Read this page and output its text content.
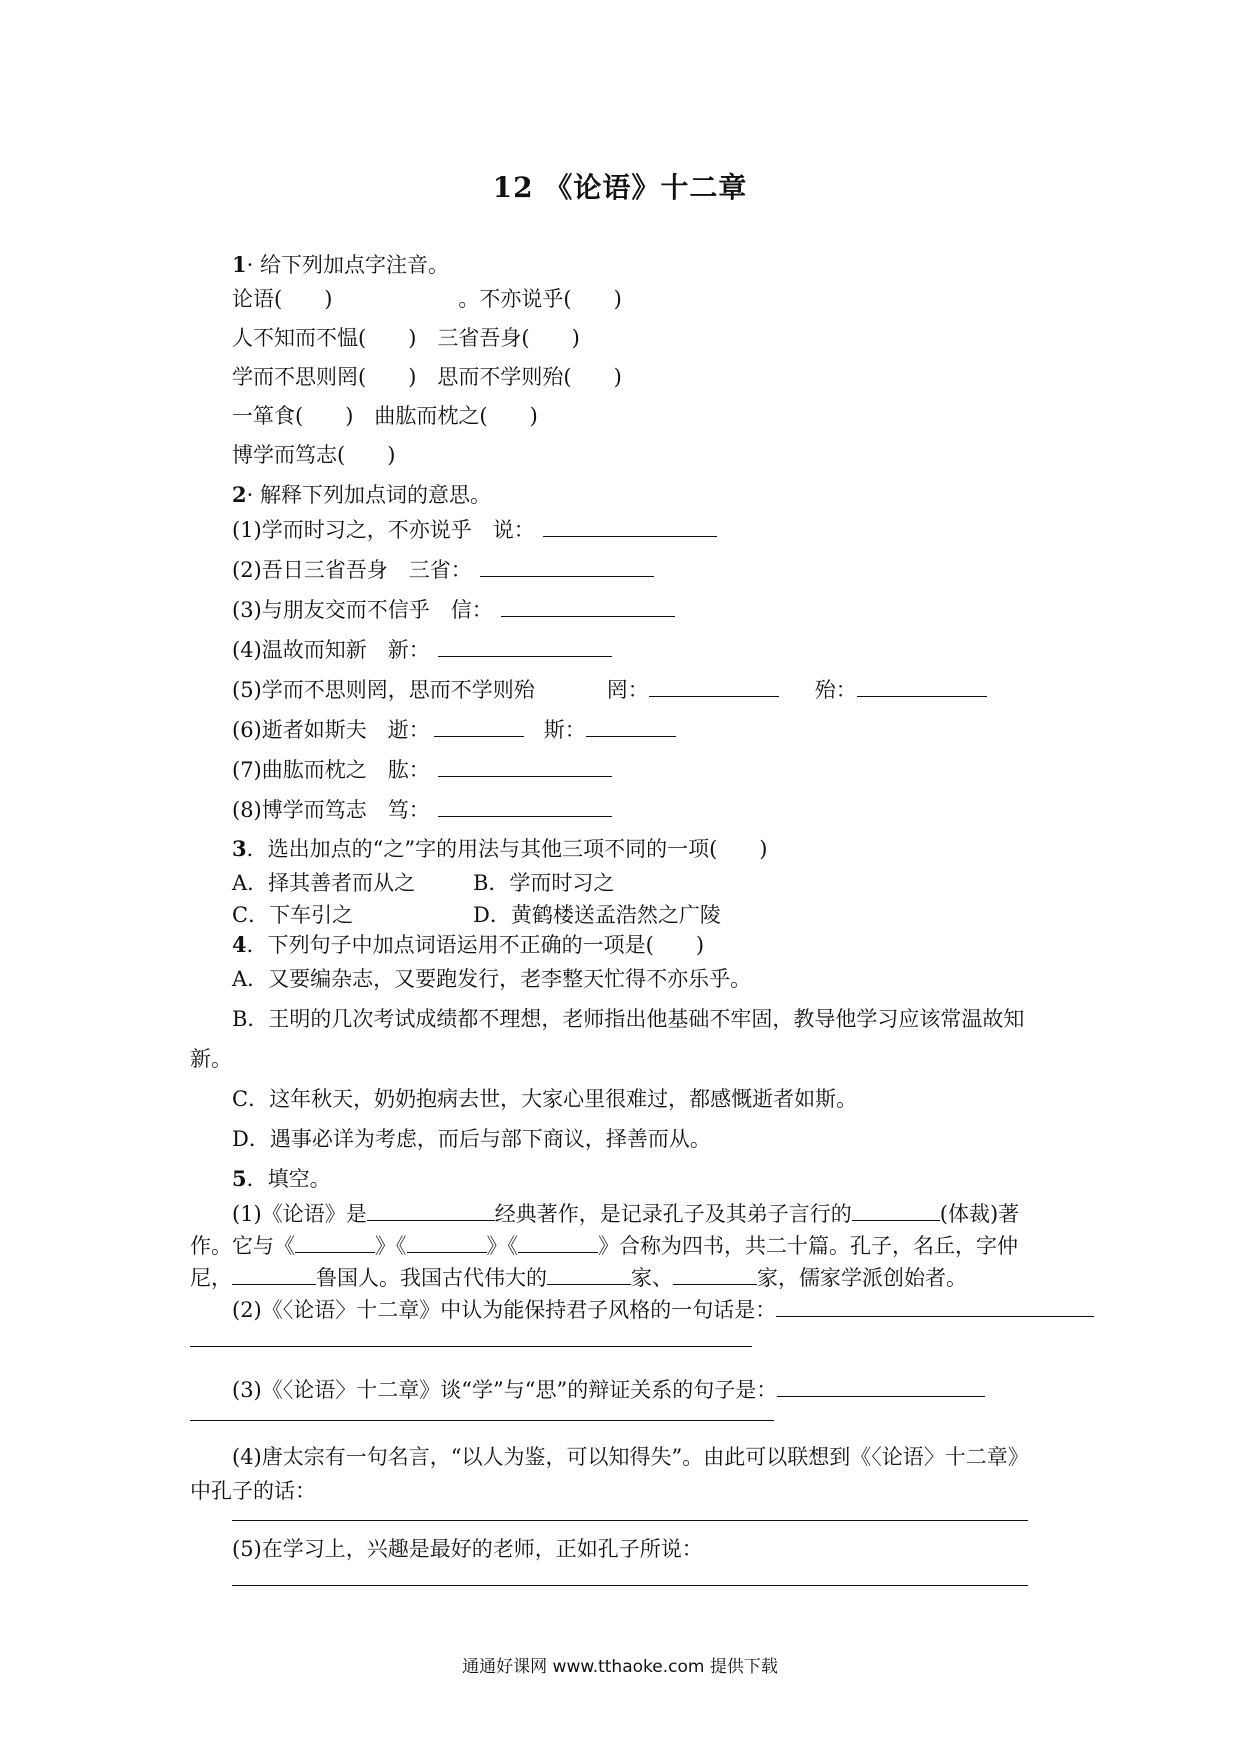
12 《论语》十二章
1· 给下列加点字注音。
论语(　　)　　　　　　。不亦说乎(　　)
人不知而不愠(　　)　三省吾身(　　)
学而不思则罔(　　)　思而不学则殆(　　)
一箪食(　　)　曲肱而枕之(　　)
博学而笃志(　　)
2· 解释下列加点词的意思。
(1)学而时习之，不亦说乎　说：
(2)吾日三省吾身　三省：
(3)与朋友交而不信乎　信：
(4)温故而知新　新：
(5)学而不思则罔，思而不学则殆	罔：	殆：
(6)逝者如斯夫　逝：	斯：
(7)曲肱而枕之　肱：
(8)博学而笃志　笃：
3．选出加点的“之”字的用法与其他三项不同的一项(　　)
A．择其善者而从之	B．学而时习之
C．下车引之	D．黄鹤楼送孟浩然之广陵
4．下列句子中加点词语运用不正确的一项是(　　)
A．又要编杂志，又要跑发行，老李整天忙得不亦乐乎。
B．王明的几次考试成绩都不理想，老师指出他基础不牢固，教导他学习应该常温故知
新。
C．这年秋天，奶奶抱病去世，大家心里很难过，都感慨逝者如斯。
D．遇事必详为考虑，而后与部下商议，择善而从。
5．填空。
(1)《论语》是	经典著作，是记录孔子及其弟子言行的	(体裁)著
作。它与《	》《	》《	》合称为四书，共二十篇。孔子，名丘，字仲
尼，	鲁国人。我国古代伟大的	家、	家，儒家学派创始者。
(2)《〈论语〉十二章》中认为能保持君子风格的一句话是：
(3)《〈论语〉十二章》谈“学”与“思”的辩证关系的句子是：
(4)唐太宗有一句名言，“以人为鉴，可以知得失”。由此可以联想到《〈论语〉十二章》
中孔子的话：
(5)在学习上，兴趣是最好的老师，正如孔子所说：
通通好课网 www.tthaoke.com 提供下载
